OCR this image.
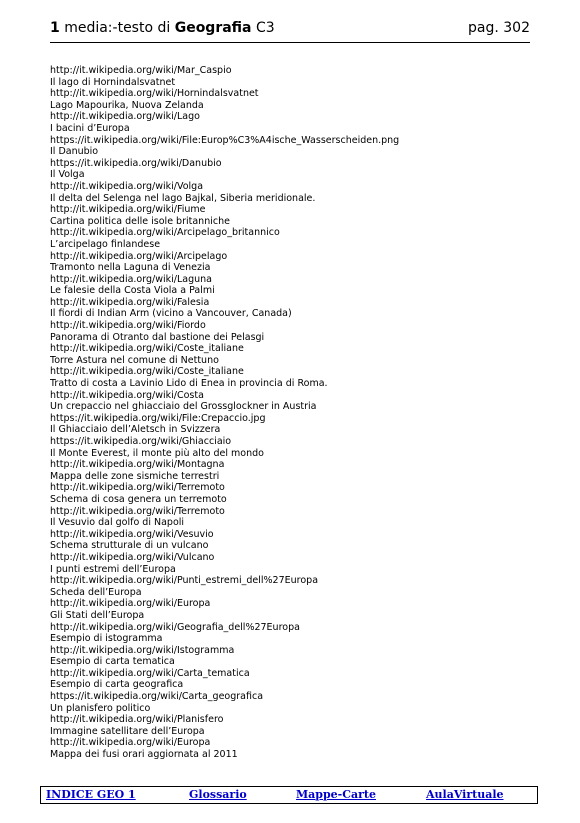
1 media:-testo di Geografia C3	pag. 302
http://it.wikipedia.org/wiki/Mar_Caspio
Il lago di Hornindalsvatnet
http://it.wikipedia.org/wiki/Hornindalsvatnet
Lago Mapourika, Nuova Zelanda
http://it.wikipedia.org/wiki/Lago
I bacini d’Europa
https://it.wikipedia.org/wiki/File:Europ%C3%A4ische_Wasserscheiden.png
Il Danubio
https://it.wikipedia.org/wiki/Danubio
Il Volga
http://it.wikipedia.org/wiki/Volga
Il delta del Selenga nel lago Bajkal, Siberia meridionale.
http://it.wikipedia.org/wiki/Fiume
Cartina politica delle isole britanniche
http://it.wikipedia.org/wiki/Arcipelago_britannico
L’arcipelago finlandese
http://it.wikipedia.org/wiki/Arcipelago
Tramonto nella Laguna di Venezia
http://it.wikipedia.org/wiki/Laguna
Le falesie della Costa Viola a Palmi
http://it.wikipedia.org/wiki/Falesia
Il fiordi di Indian Arm (vicino a Vancouver, Canada)
http://it.wikipedia.org/wiki/Fiordo
Panorama di Otranto dal bastione dei Pelasgi
http://it.wikipedia.org/wiki/Coste_italiane
Torre Astura nel comune di Nettuno
http://it.wikipedia.org/wiki/Coste_italiane
Tratto di costa a Lavinio Lido di Enea in provincia di Roma.
http://it.wikipedia.org/wiki/Costa
Un crepaccio nel ghiacciaio del Grossglockner in Austria
https://it.wikipedia.org/wiki/File:Crepaccio.jpg
Il Ghiacciaio dell’Aletsch in Svizzera
https://it.wikipedia.org/wiki/Ghiacciaio
Il Monte Everest, il monte più alto del mondo
http://it.wikipedia.org/wiki/Montagna
Mappa delle zone sismiche terrestri
http://it.wikipedia.org/wiki/Terremoto
Schema di cosa genera un terremoto
http://it.wikipedia.org/wiki/Terremoto
Il Vesuvio dal golfo di Napoli
http://it.wikipedia.org/wiki/Vesuvio
Schema strutturale di un vulcano
http://it.wikipedia.org/wiki/Vulcano
I punti estremi dell’Europa
http://it.wikipedia.org/wiki/Punti_estremi_dell%27Europa
Scheda dell’Europa
http://it.wikipedia.org/wiki/Europa
Gli Stati dell’Europa
http://it.wikipedia.org/wiki/Geografia_dell%27Europa
Esempio di istogramma
http://it.wikipedia.org/wiki/Istogramma
Esempio di carta tematica
http://it.wikipedia.org/wiki/Carta_tematica
Esempio di carta geografica
https://it.wikipedia.org/wiki/Carta_geografica
Un planisfero politico
http://it.wikipedia.org/wiki/Planisfero
Immagine satellitare dell’Europa
http://it.wikipedia.org/wiki/Europa
Mappa dei fusi orari aggiornata al 2011
INDICE GEO 1	Glossario	Mappe-Carte	AulaVirtuale
